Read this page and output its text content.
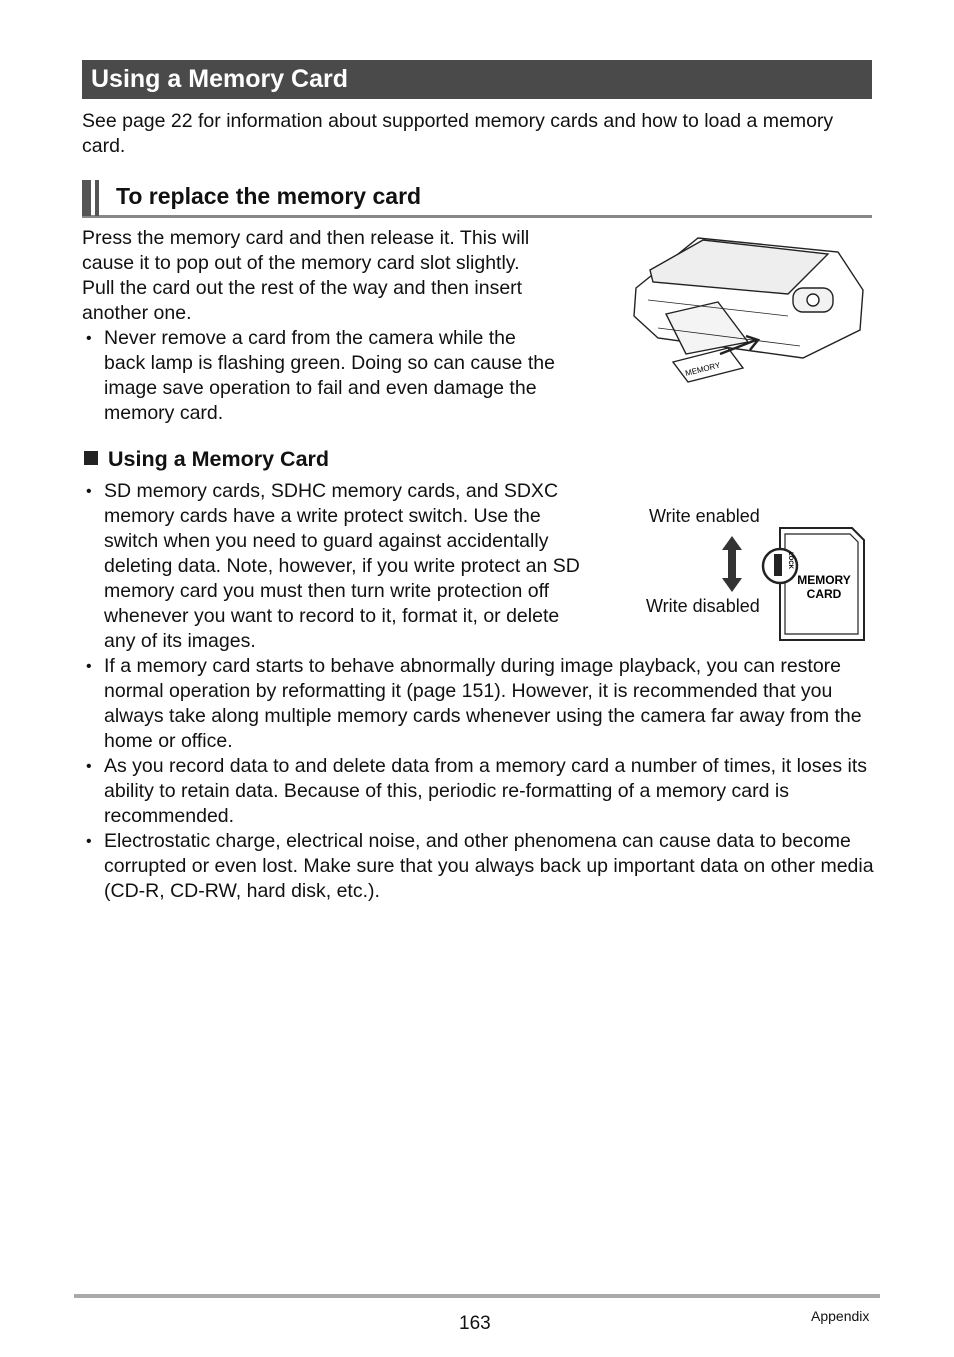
Using a Memory Card
See page 22 for information about supported memory cards and how to load a memory card.
To replace the memory card
Press the memory card and then release it. This will
cause it to pop out of the memory card slot slightly.
Pull the card out the rest of the way and then insert
another one.
• Never remove a card from the camera while the
back lamp is flashing green. Doing so can cause the
image save operation to fail and even damage the
memory card.
MEMORY
Using a Memory Card
• SD memory cards, SDHC memory cards, and SDXC
memory cards have a write protect switch. Use the
switch when you need to guard against accidentally
deleting data. Note, however, if you write protect an SD
memory card you must then turn write protection off
whenever you want to record to it, format it, or delete
any of its images.
• If a memory card starts to behave abnormally during image playback, you can restore normal operation by reformatting it (page 151). However, it is recommended that you always take along multiple memory cards whenever using the camera far away from the home or office.
• As you record data to and delete data from a memory card a number of times, it loses its ability to retain data. Because of this, periodic re-formatting of a memory card is recommended.
• Electrostatic charge, electrical noise, and other phenomena can cause data to become corrupted or even lost. Make sure that you always back up important data on other media (CD-R, CD-RW, hard disk, etc.).
Write enabled
Write disabled
LOCK
MEMORY
CARD
163	Appendix
